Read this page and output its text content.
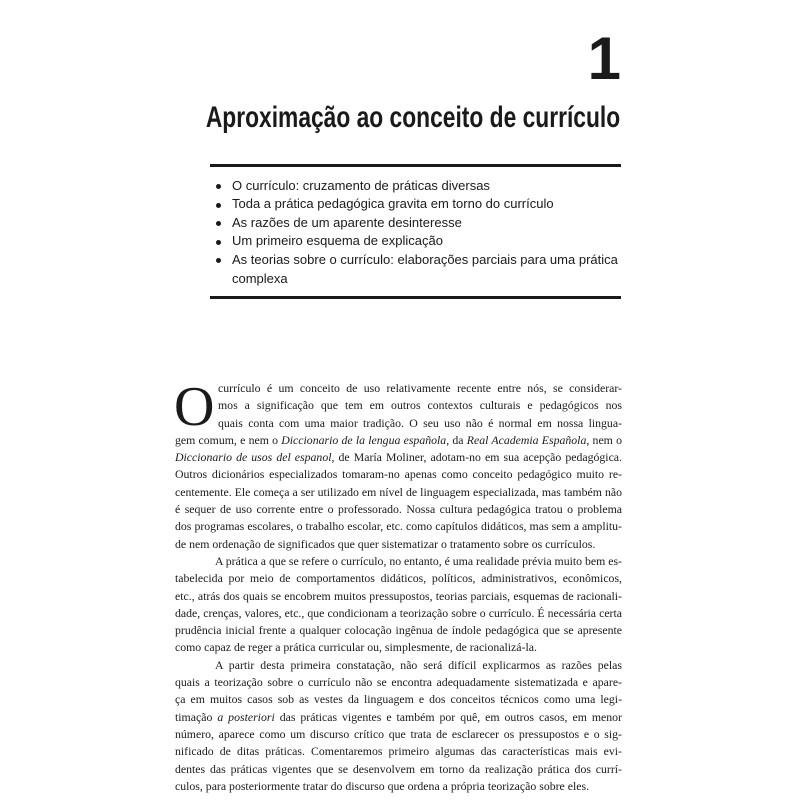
1
Aproximação ao conceito de currículo
O currículo: cruzamento de práticas diversas
Toda a prática pedagógica gravita em torno do currículo
As razões de um aparente desinteresse
Um primeiro esquema de explicação
As teorias sobre o currículo: elaborações parciais para uma prática
complexa
O currículo é um conceito de uso relativamente recente entre nós, se considerar-
mos a significação que tem em outros contextos culturais e pedagógicos nos
quais conta com uma maior tradição. O seu uso não é normal em nossa lingua-
gem comum, e nem o Diccionario de la lengua española, da Real Academia Española, nem o
Diccionario de usos del espanol, de María Moliner, adotam-no em sua acepção pedagógica.
Outros dicionários especializados tomaram-no apenas como conceito pedagógico muito re-
centemente. Ele começa a ser utilizado em nível de linguagem especializada, mas também não
é sequer de uso corrente entre o professorado. Nossa cultura pedagógica tratou o problema
dos programas escolares, o trabalho escolar, etc. como capítulos didáticos, mas sem a amplitu-
de nem ordenação de significados que quer sistematizar o tratamento sobre os currículos.
A prática a que se refere o currículo, no entanto, é uma realidade prévia muito bem es-
tabelecida por meio de comportamentos didáticos, políticos, administrativos, econômicos,
etc., atrás dos quais se encobrem muitos pressupostos, teorias parciais, esquemas de racionali-
dade, crenças, valores, etc., que condicionam a teorização sobre o currículo. É necessária certa
prudência inicial frente a qualquer colocação ingênua de índole pedagógica que se apresente
como capaz de reger a prática curricular ou, simplesmente, de racionalizá-la.
A partir desta primeira constatação, não será difícil explicarmos as razões pelas
quais a teorização sobre o currículo não se encontra adequadamente sistematizada e apare-
ça em muitos casos sob as vestes da linguagem e dos conceitos técnicos como uma legi-
timação a posteriori das práticas vigentes e também por quê, em outros casos, em menor
número, aparece como um discurso crítico que trata de esclarecer os pressupostos e o sig-
nificado de ditas práticas. Comentaremos primeiro algumas das características mais evi-
dentes das práticas vigentes que se desenvolvem em torno da realização prática dos currí-
culos, para posteriormente tratar do discurso que ordena a própria teorização sobre eles.
